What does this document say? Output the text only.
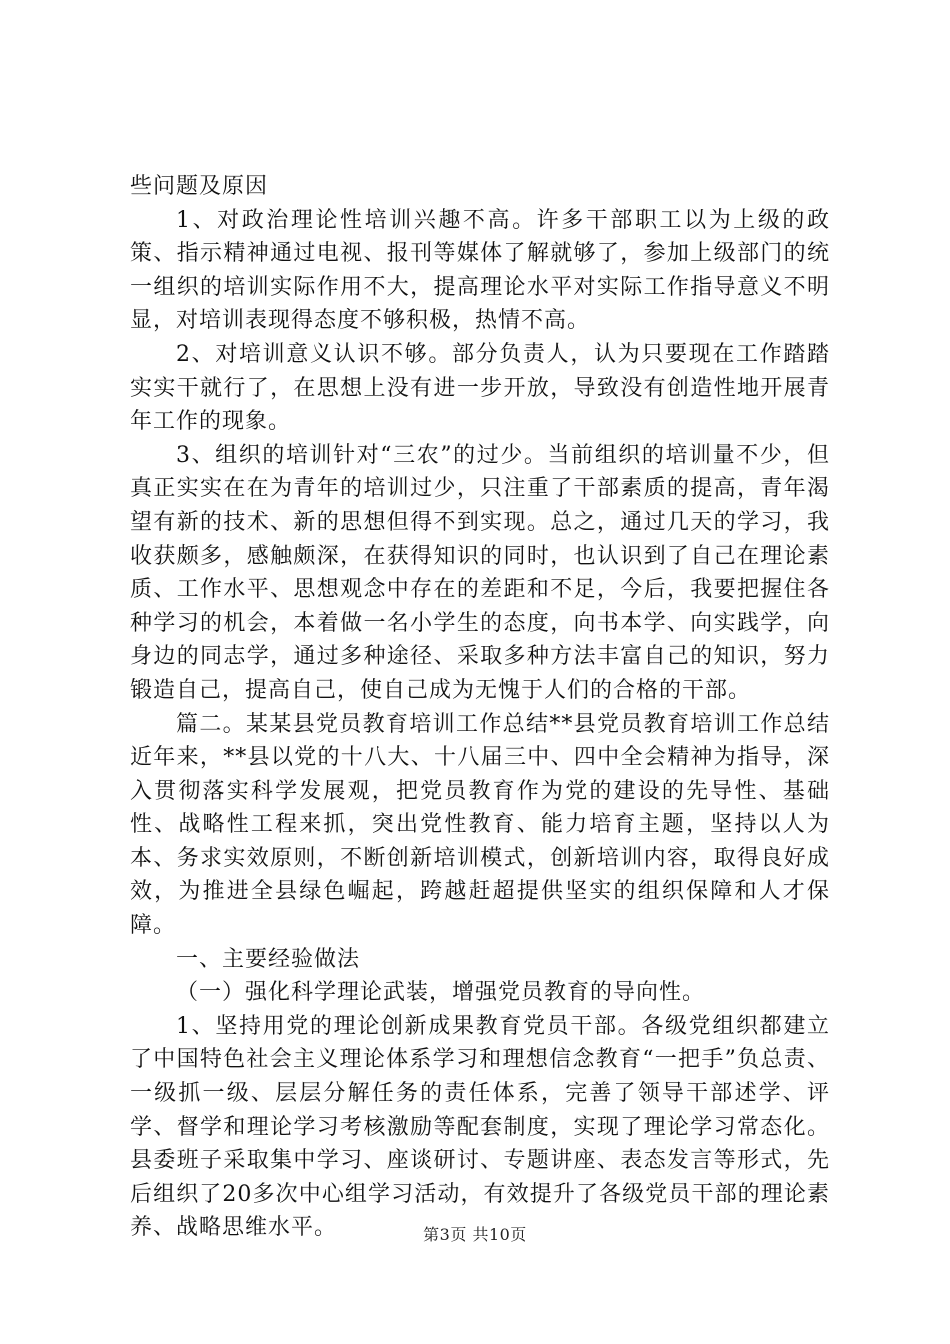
些问题及原因

1、对政治理论性培训兴趣不高。许多干部职工以为上级的政策、指示精神通过电视、报刊等媒体了解就够了，参加上级部门的统一组织的培训实际作用不大，提高理论水平对实际工作指导意义不明显，对培训表现得态度不够积极，热情不高。

2、对培训意义认识不够。部分负责人，认为只要现在工作踏踏实实干就行了，在思想上没有进一步开放，导致没有创造性地开展青年工作的现象。

3、组织的培训针对“三农”的过少。当前组织的培训量不少，但真正实实在在为青年的培训过少，只注重了干部素质的提高，青年渴望有新的技术、新的思想但得不到实现。总之，通过几天的学习，我收获颇多，感触颇深，在获得知识的同时，也认识到了自己在理论素质、工作水平、思想观念中存在的差距和不足，今后，我要把握住各种学习的机会，本着做一名小学生的态度，向书本学、向实践学，向身边的同志学，通过多种途径、采取多种方法丰富自己的知识，努力锻造自己，提高自己，使自己成为无愧于人们的合格的干部。

篇二。某某县党员教育培训工作总结**县党员教育培训工作总结近年来，**县以党的十八大、十八届三中、四中全会精神为指导，深入贯彻落实科学发展观，把党员教育作为党的建设的先导性、基础性、战略性工程来抓，突出党性教育、能力培育主题，坚持以人为本、务求实效原则，不断创新培训模式，创新培训内容，取得良好成效，为推进全县绿色崛起，跨越赶超提供坚实的组织保障和人才保障。

一、主要经验做法

（一）强化科学理论武装，增强党员教育的导向性。

1、坚持用党的理论创新成果教育党员干部。各级党组织都建立了中国特色社会主义理论体系学习和理想信念教育“一把手”负总责、一级抓一级、层层分解任务的责任体系，完善了领导干部述学、评学、督学和理论学习考核激励等配套制度，实现了理论学习常态化。县委班子采取集中学习、座谈研讨、专题讲座、表态发言等形式，先后组织了20多次中心组学习活动，有效提升了各级党员干部的理论素养、战略思维水平。	第3页 共10页
